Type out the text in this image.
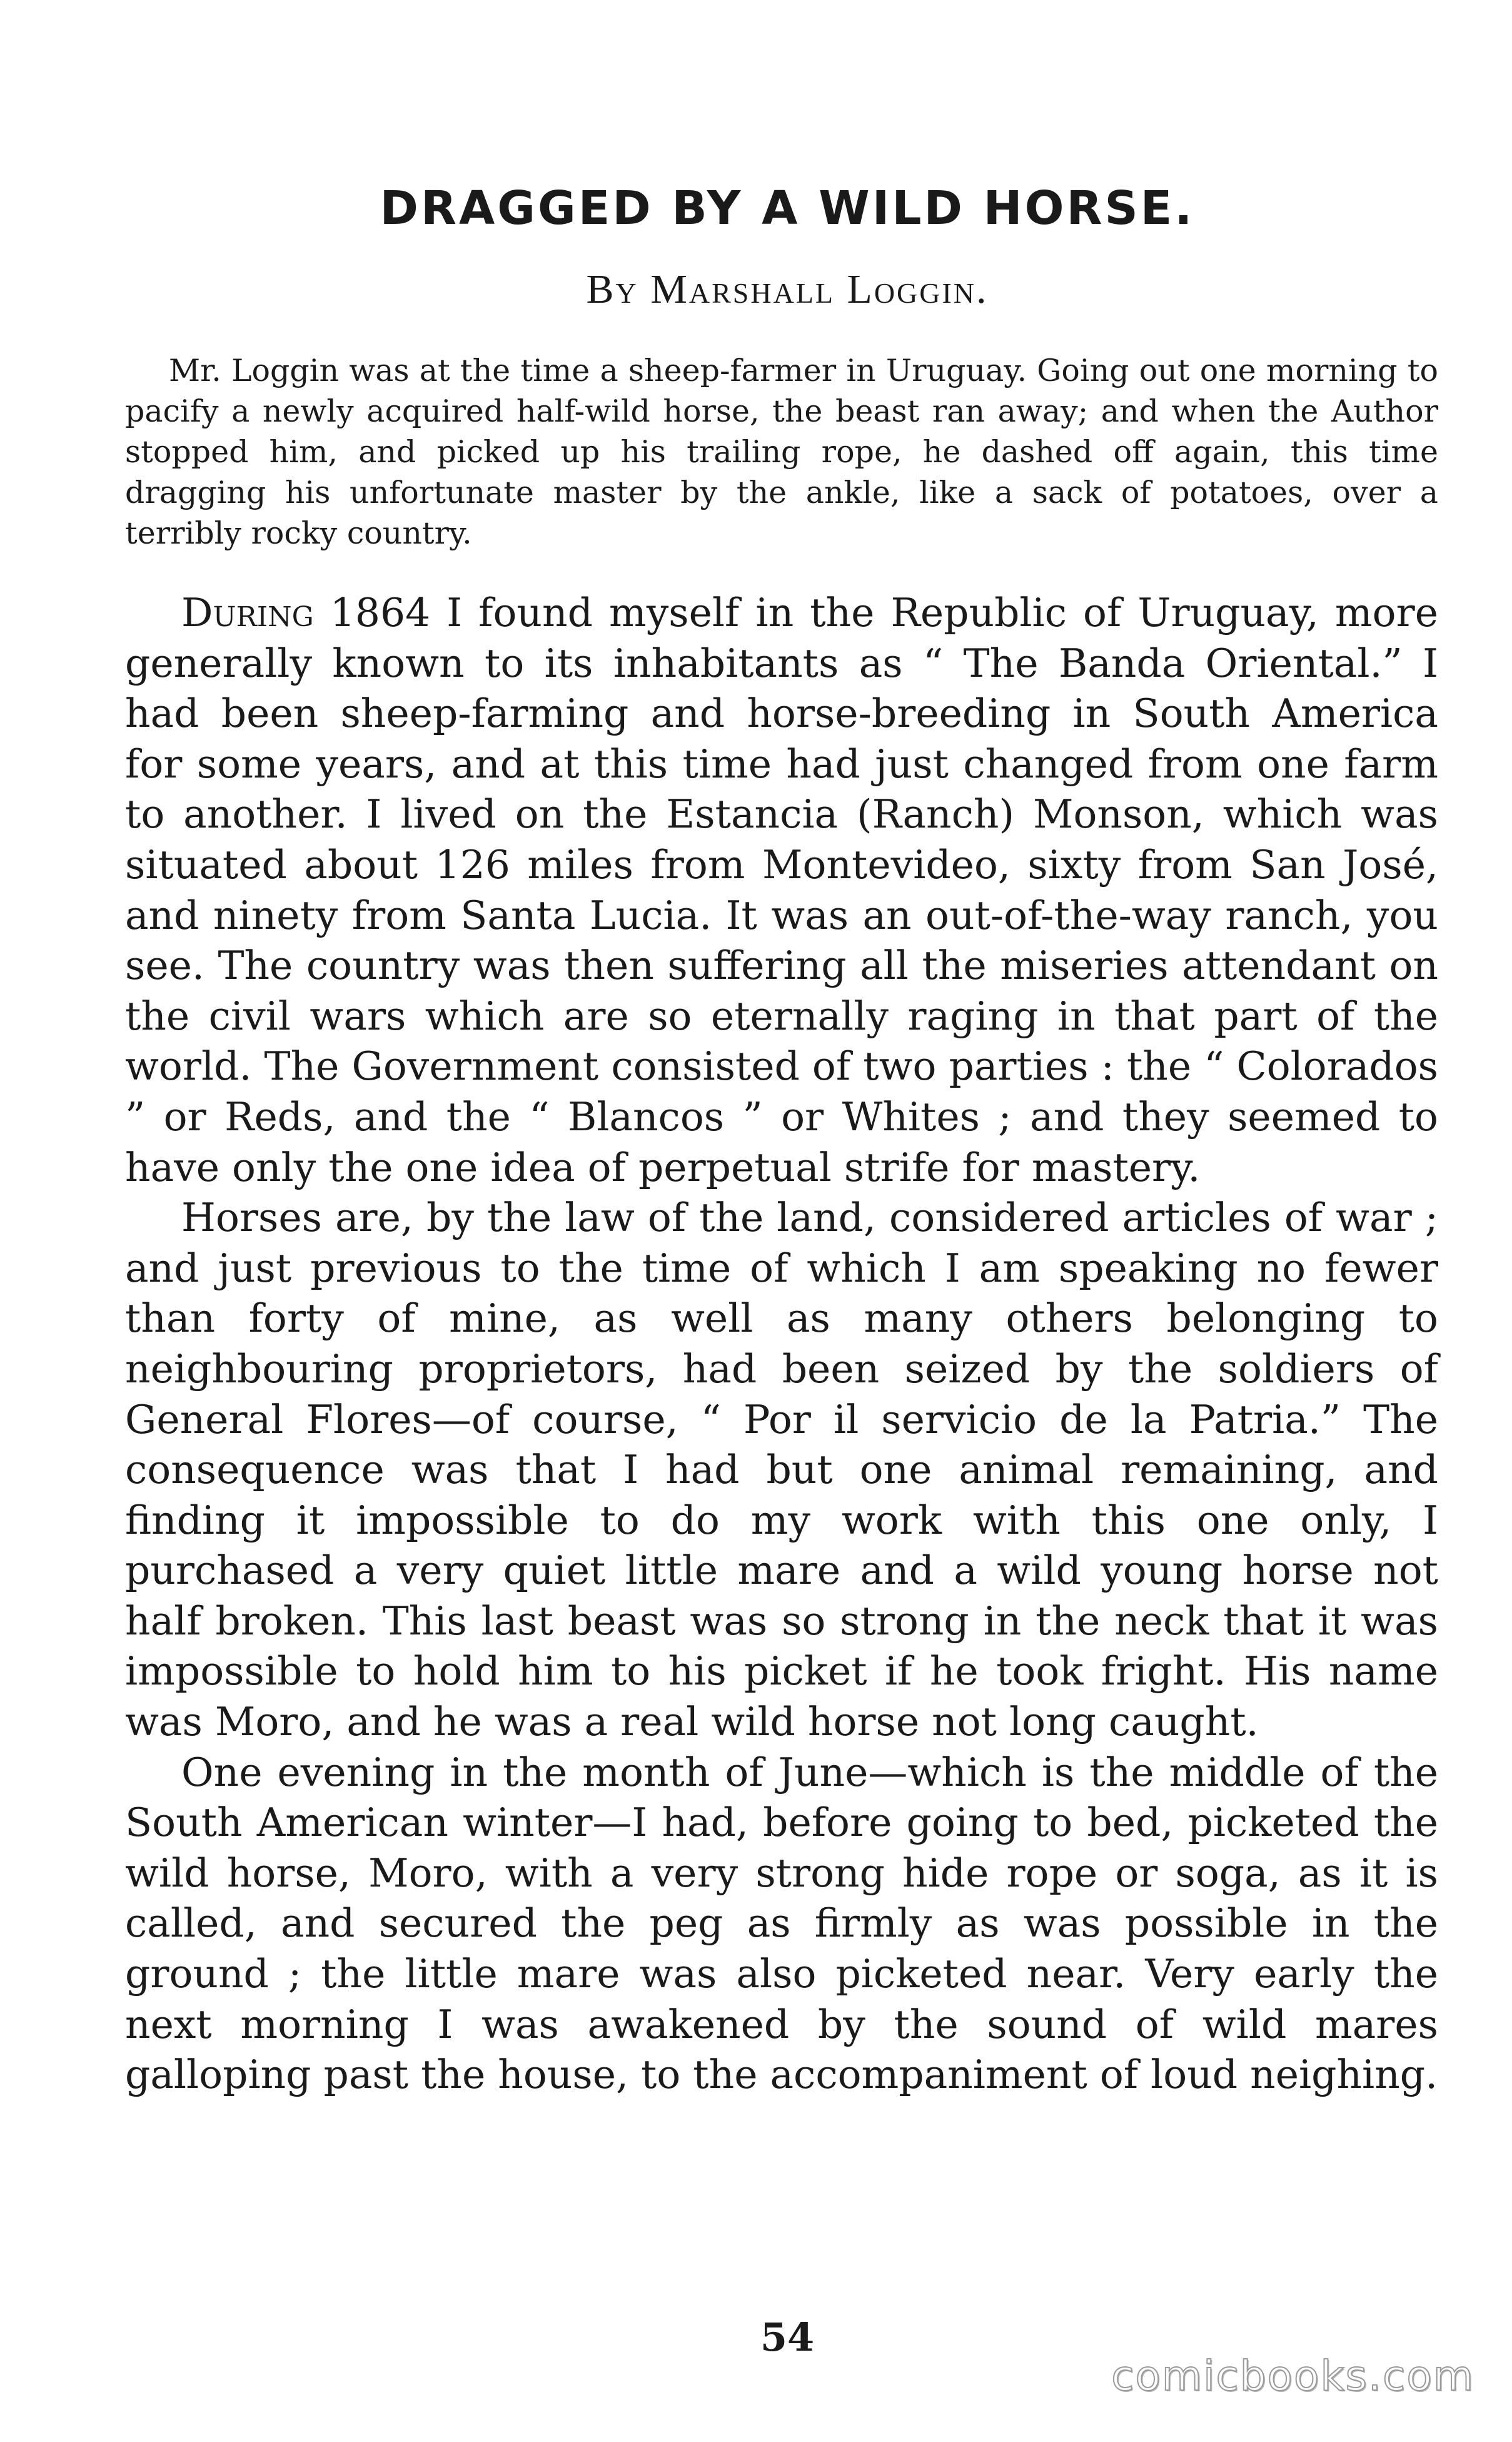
DRAGGED BY A WILD HORSE.
By Marshall Loggin.

Mr. Loggin was at the time a sheep-farmer in Uruguay. Going out one morning to pacify a newly acquired half-wild horse, the beast ran away; and when the Author stopped him, and picked up his trailing rope, he dashed off again, this time dragging his unfortunate master by the ankle, like a sack of potatoes, over a terribly rocky country.

During 1864 I found myself in the Republic of Uruguay, more generally known to its inhabitants as “ The Banda Oriental.” I had been sheep-farming and horse-breeding in South America for some years, and at this time had just changed from one farm to another. I lived on the Estancia (Ranch) Monson, which was situated about 126 miles from Montevideo, sixty from San José, and ninety from Santa Lucia. It was an out-of-the-way ranch, you see. The country was then suffering all the miseries attendant on the civil wars which are so eternally raging in that part of the world. The Government consisted of two parties : the “ Colorados ” or Reds, and the “ Blancos ” or Whites ; and they seemed to have only the one idea of perpetual strife for mastery.

Horses are, by the law of the land, considered articles of war ; and just previous to the time of which I am speaking no fewer than forty of mine, as well as many others belonging to neighbouring proprietors, had been seized by the soldiers of General Flores—of course, “ Por il servicio de la Patria.” The consequence was that I had but one animal remaining, and finding it impossible to do my work with this one only, I purchased a very quiet little mare and a wild young horse not half broken. This last beast was so strong in the neck that it was impossible to hold him to his picket if he took fright. His name was Moro, and he was a real wild horse not long caught.

One evening in the month of June—which is the middle of the South American winter—I had, before going to bed, picketed the wild horse, Moro, with a very strong hide rope or soga, as it is called, and secured the peg as firmly as was possible in the ground ; the little mare was also picketed near. Very early the next morning I was awakened by the sound of wild mares galloping past the house, to the accompaniment of loud neighing.

54
comicbooks.com
